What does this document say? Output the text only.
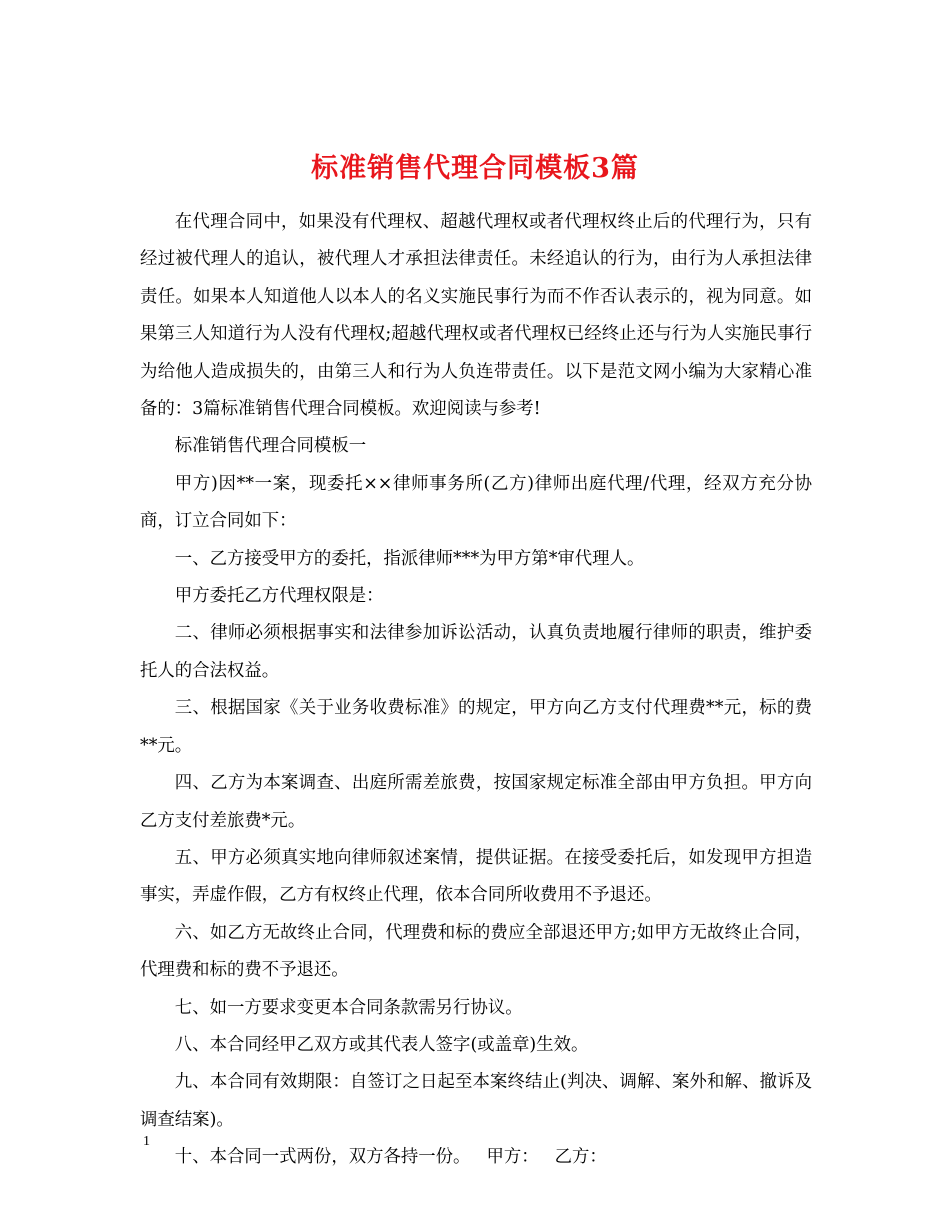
标准销售代理合同模板3篇

在代理合同中，如果没有代理权、超越代理权或者代理权终止后的代理行为，只有经过被代理人的追认，被代理人才承担法律责任。未经追认的行为，由行为人承担法律责任。如果本人知道他人以本人的名义实施民事行为而不作否认表示的，视为同意。如果第三人知道行为人没有代理权;超越代理权或者代理权已经终止还与行为人实施民事行为给他人造成损失的，由第三人和行为人负连带责任。以下是范文网小编为大家精心准备的：3篇标准销售代理合同模板。欢迎阅读与参考!

标准销售代理合同模板一

甲方)因**一案，现委托××律师事务所(乙方)律师出庭代理/代理，经双方充分协商，订立合同如下：

一、乙方接受甲方的委托，指派律师***为甲方第*审代理人。

甲方委托乙方代理权限是：

二、律师必须根据事实和法律参加诉讼活动，认真负责地履行律师的职责，维护委托人的合法权益。

三、根据国家《关于业务收费标准》的规定，甲方向乙方支付代理费**元，标的费**元。

四、乙方为本案调查、出庭所需差旅费，按国家规定标准全部由甲方负担。甲方向乙方支付差旅费*元。

五、甲方必须真实地向律师叙述案情，提供证据。在接受委托后，如发现甲方担造事实，弄虚作假，乙方有权终止代理，依本合同所收费用不予退还。

六、如乙方无故终止合同，代理费和标的费应全部退还甲方;如甲方无故终止合同，代理费和标的费不予退还。

七、如一方要求变更本合同条款需另行协议。

八、本合同经甲乙双方或其代表人签字(或盖章)生效。

九、本合同有效期限：自签订之日起至本案终结止(判决、调解、案外和解、撤诉及调查结案)。

十、本合同一式两份，双方各持一份。 甲方： 乙方：

1
